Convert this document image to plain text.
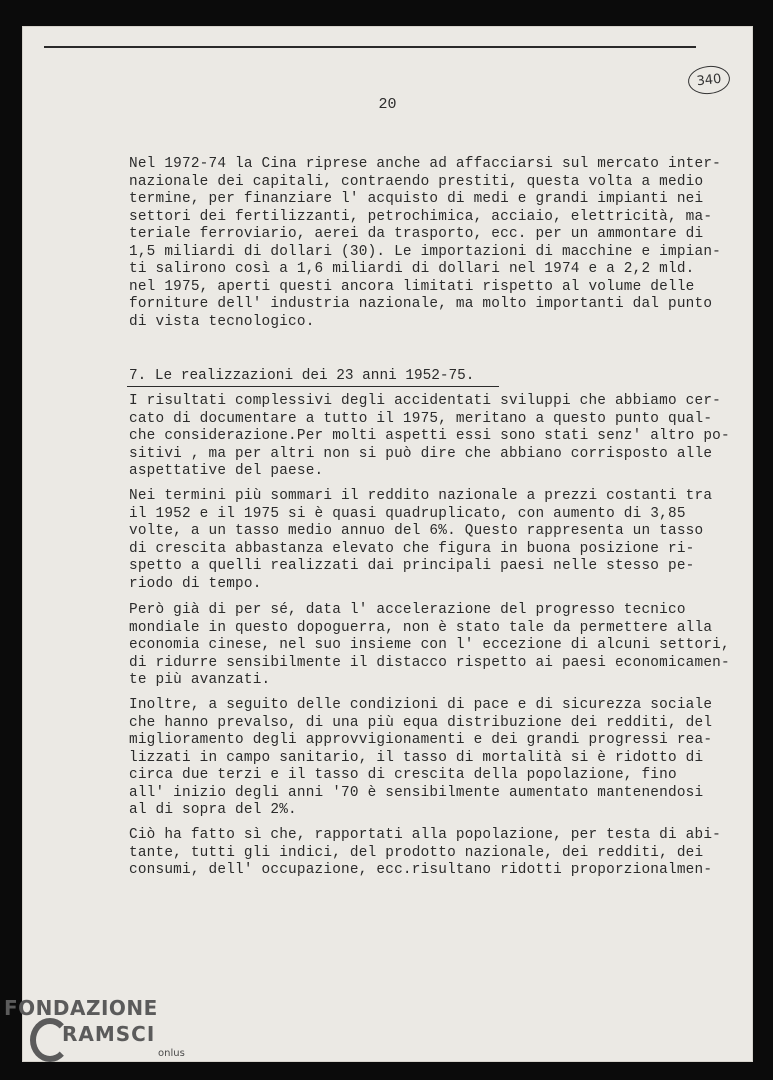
340
20
Nel 1972-74 la Cina riprese anche ad affacciarsi sul mercato inter-
nazionale dei capitali, contraendo prestiti, questa volta a medio
termine, per finanziare l' acquisto di medi e grandi impianti nei
settori dei fertilizzanti, petrochimica, acciaio, elettricità, ma-
teriale ferroviario, aerei da trasporto, ecc. per un ammontare di
1,5 miliardi di dollari (30). Le importazioni di macchine e impian-
ti salirono così a 1,6 miliardi di dollari nel 1974 e a 2,2 mld.
nel 1975, aperti questi ancora limitati rispetto al volume delle
forniture dell' industria nazionale, ma molto importanti dal punto
di vista tecnologico.
7. Le realizzazioni dei 23 anni 1952-75.
I risultati complessivi degli accidentati sviluppi che abbiamo cer-
cato di documentare a tutto il 1975, meritano a questo punto qual-
che considerazione.Per molti aspetti essi sono stati senz' altro po-
sitivi , ma per altri non si può dire che abbiano corrisposto alle
aspettative del paese.
Nei termini più sommari il reddito nazionale a prezzi costanti tra
il 1952 e il 1975 si è quasi quadruplicato, con aumento di 3,85
volte, a un tasso medio annuo del 6%. Questo rappresenta un tasso
di crescita abbastanza elevato che figura in buona posizione ri-
spetto a quelli realizzati dai principali paesi nelle stesso pe-
riodo di tempo.
Però già di per sé, data l' accelerazione del progresso tecnico
mondiale in questo dopoguerra, non è stato tale da permettere alla
economia cinese, nel suo insieme con l' eccezione di alcuni settori,
di ridurre sensibilmente il distacco rispetto ai paesi economicamen-
te più avanzati.
Inoltre, a seguito delle condizioni di pace e di sicurezza sociale
che hanno prevalso, di una più equa distribuzione dei redditi, del
miglioramento degli approvvigionamenti e dei grandi progressi rea-
lizzati in campo sanitario, il tasso di mortalità si è ridotto di
circa due terzi e il tasso di crescita della popolazione, fino
all' inizio degli anni '70 è sensibilmente aumentato mantenendosi
al di sopra del 2%.
Ciò ha fatto sì che, rapportati alla popolazione, per testa di abi-
tante, tutti gli indici, del prodotto nazionale, dei redditi, dei
consumi, dell' occupazione, ecc.risultano ridotti proporzionalmen-
FONDAZIONE
RAMSCI
onlus
